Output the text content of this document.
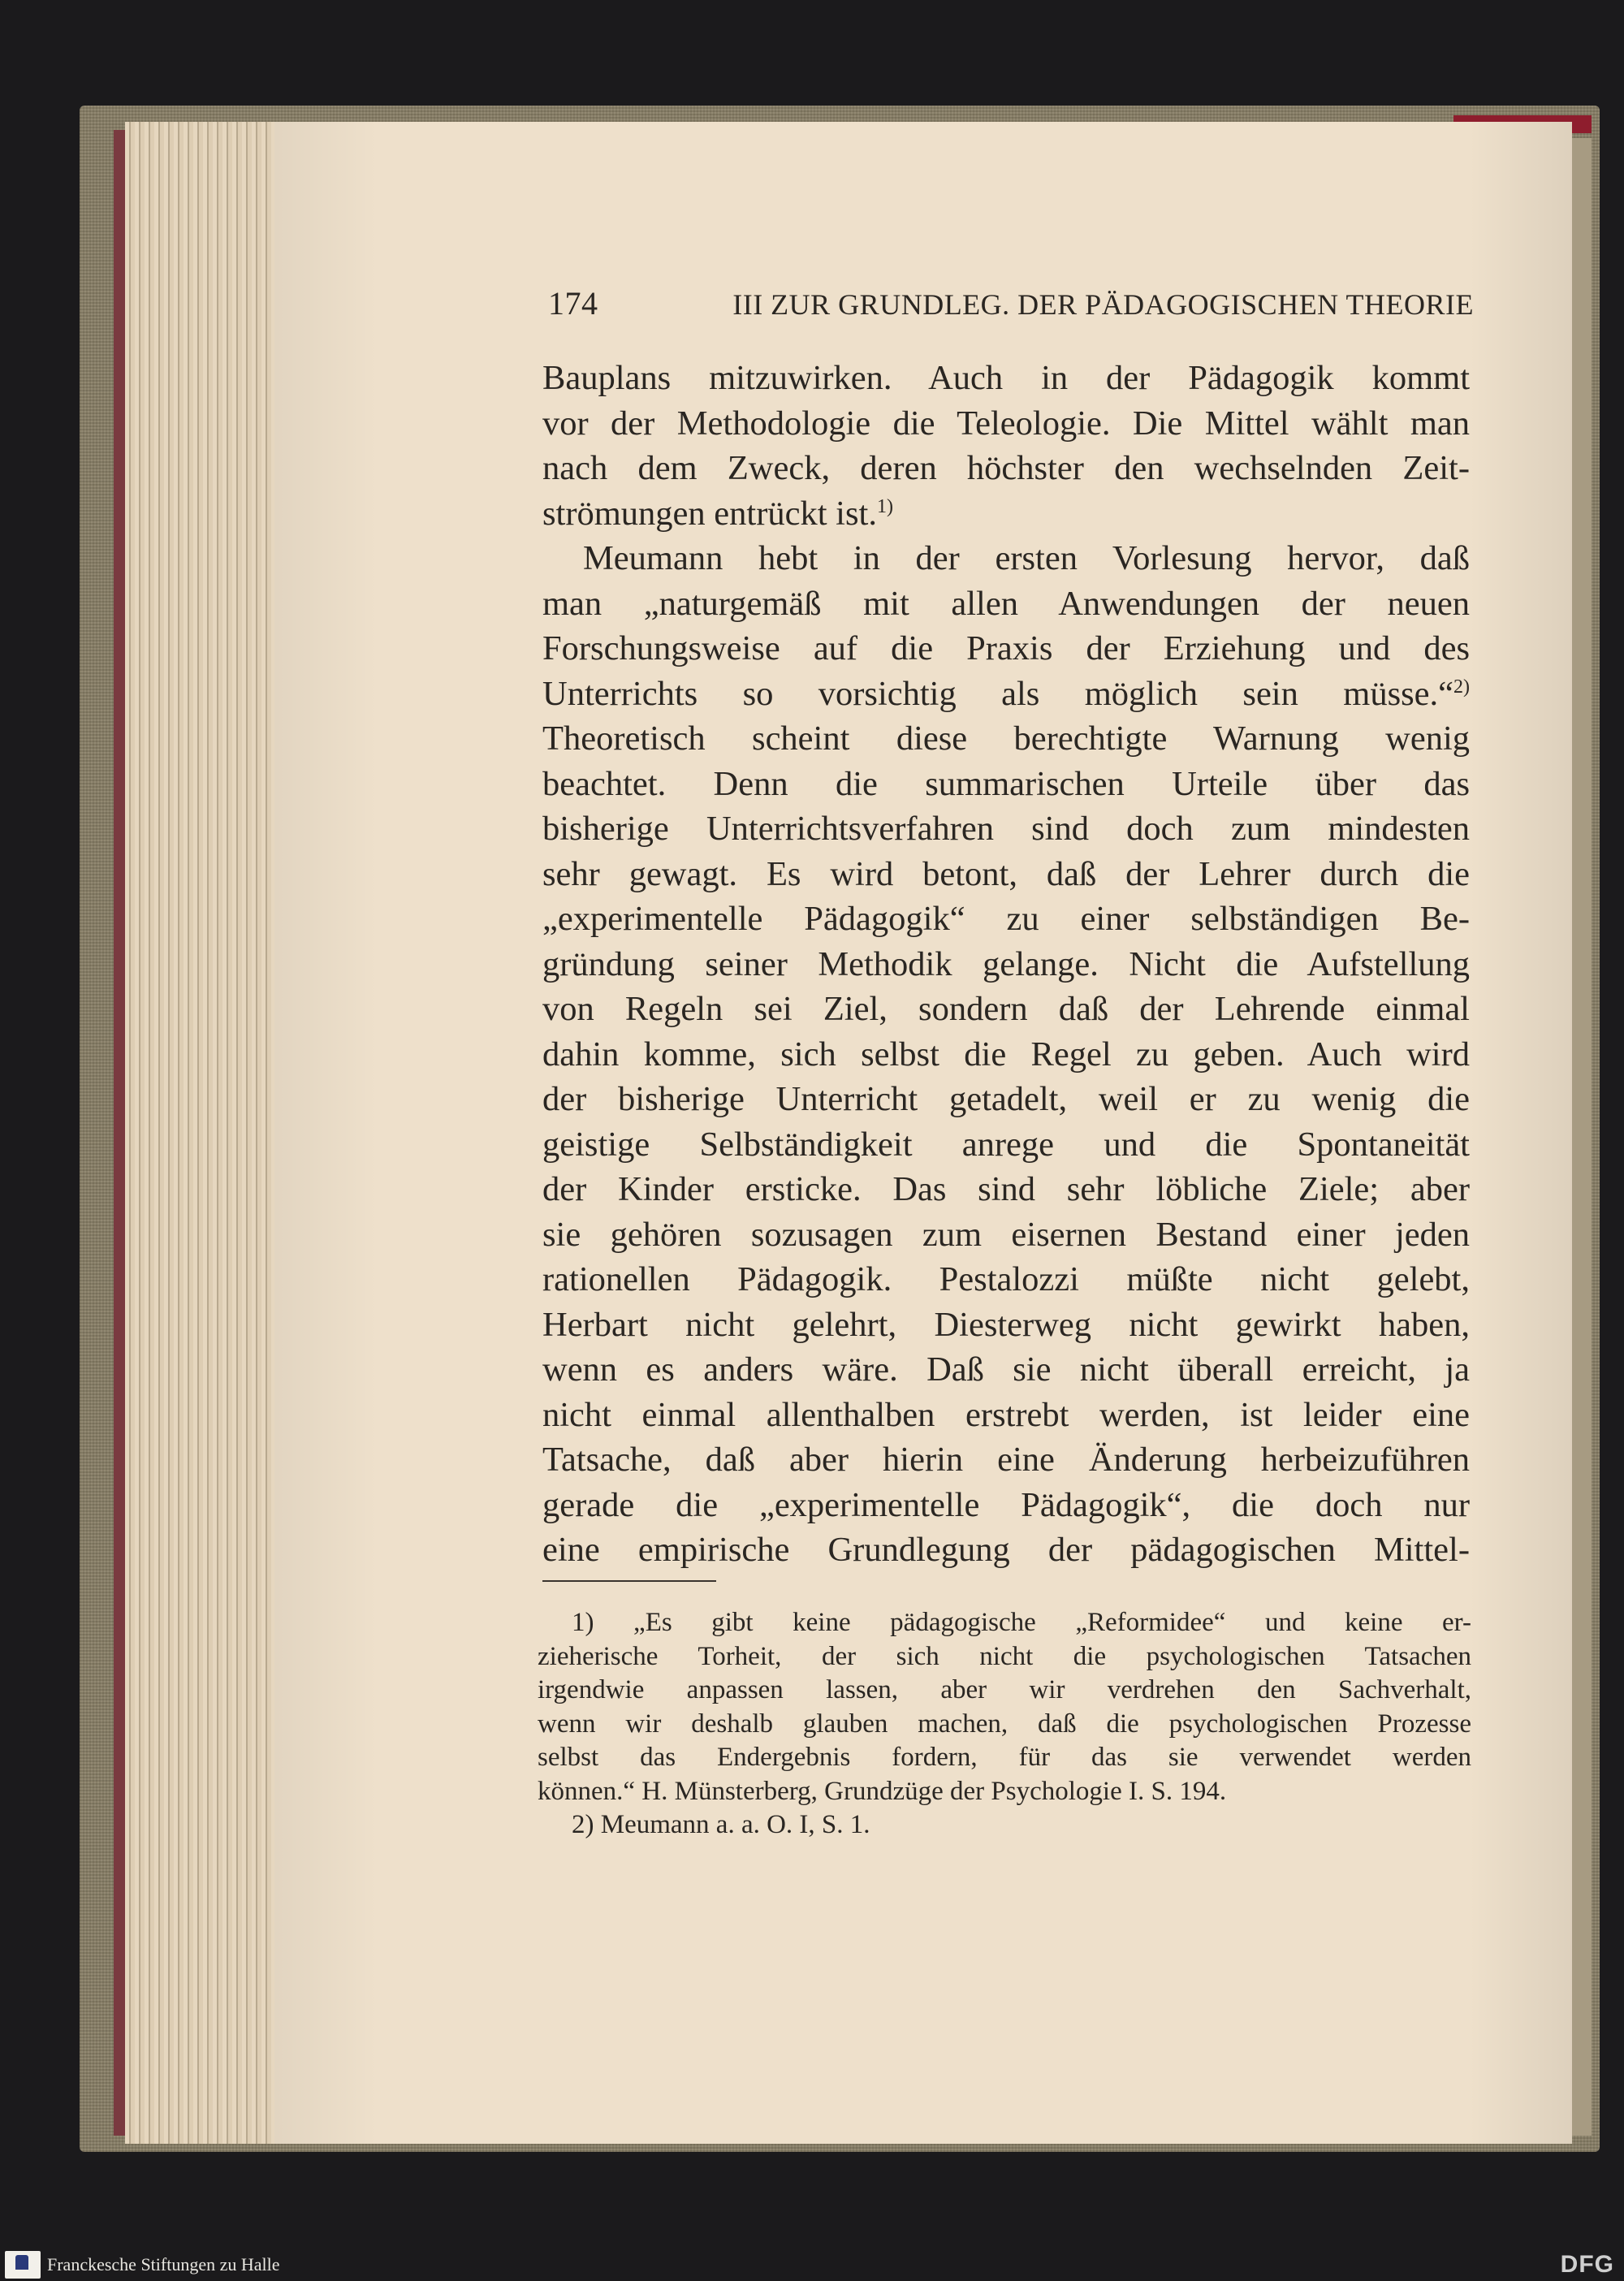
174	III ZUR GRUNDLEG. DER PÄDAGOGISCHEN THEORIE
Bauplans mitzuwirken. Auch in der Pädagogik kommt
vor der Methodologie die Teleologie. Die Mittel wählt man
nach dem Zweck, deren höchster den wechselnden Zeit-
strömungen entrückt ist.$^{1)}$
Meumann hebt in der ersten Vorlesung hervor, daß
man „naturgemäß mit allen Anwendungen der neuen
Forschungsweise auf die Praxis der Erziehung und des
Unterrichts so vorsichtig als möglich sein müsse.“$^{2)}$
Theoretisch scheint diese berechtigte Warnung wenig
beachtet. Denn die summarischen Urteile über das
bisherige Unterrichtsverfahren sind doch zum mindesten
sehr gewagt. Es wird betont, daß der Lehrer durch die
„experimentelle Pädagogik“ zu einer selbständigen Be-
gründung seiner Methodik gelange. Nicht die Aufstellung
von Regeln sei Ziel, sondern daß der Lehrende einmal
dahin komme, sich selbst die Regel zu geben. Auch wird
der bisherige Unterricht getadelt, weil er zu wenig die
geistige Selbständigkeit anrege und die Spontaneität
der Kinder ersticke. Das sind sehr löbliche Ziele; aber
sie gehören sozusagen zum eisernen Bestand einer jeden
rationellen Pädagogik. Pestalozzi müßte nicht gelebt,
Herbart nicht gelehrt, Diesterweg nicht gewirkt haben,
wenn es anders wäre. Daß sie nicht überall erreicht, ja
nicht einmal allenthalben erstrebt werden, ist leider eine
Tatsache, daß aber hierin eine Änderung herbeizuführen
gerade die „experimentelle Pädagogik“, die doch nur
eine empirische Grundlegung der pädagogischen Mittel-
1) „Es gibt keine pädagogische „Reformidee“ und keine er-
zieherische Torheit, der sich nicht die psychologischen Tatsachen
irgendwie anpassen lassen, aber wir verdrehen den Sachverhalt,
wenn wir deshalb glauben machen, daß die psychologischen Prozesse
selbst das Endergebnis fordern, für das sie verwendet werden
können.“ H. Münsterberg, Grundzüge der Psychologie I. S. 194.
2) Meumann a. a. O. I, S. 1.
Franckesche Stiftungen zu Halle	DFG
